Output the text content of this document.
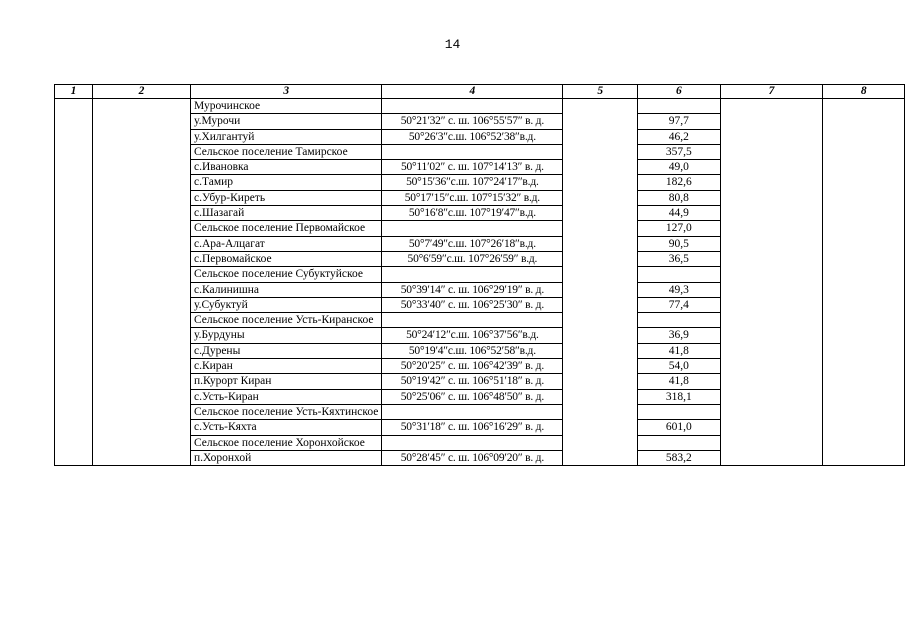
14
1	2	3	4	5	6	7	8
		Мурочинское					
		у.Мурочи	50°21′32″ с. ш. 106°55′57″ в. д.		97,7		
		у.Хилгантуй	50°26′3″с.ш. 106°52′38″в.д.		46,2		
		Сельское поселение Тамирское			357,5		
		с.Ивановка	50°11′02″ с. ш. 107°14′13″ в. д.		49,0		
		с.Тамир	50°15′36″с.ш. 107°24′17″в.д.		182,6		
		с.Убур-Киреть	50°17′15″с.ш. 107°15′32″ в.д.		80,8		
		с.Шазагай	50°16′8″с.ш. 107°19′47″в.д.		44,9		
		Сельское поселение Первомайское			127,0		
		с.Ара-Алцагат	50°7′49″с.ш. 107°26′18″в.д.		90,5		
		с.Первомайское	50°6′59″с.ш. 107°26′59″ в.д.		36,5		
		Сельское поселение Субуктуйское					
		с.Калинишна	50°39′14″ с. ш. 106°29′19″ в. д.		49,3		
		у.Субуктуй	50°33′40″ с. ш. 106°25′30″ в. д.		77,4		
		Сельское поселение Усть-Киранское					
		у.Бурдуны	50°24′12″с.ш. 106°37′56″в.д.		36,9		
		с.Дурены	50°19′4″с.ш. 106°52′58″в.д.		41,8		
		с.Киран	50°20′25″ с. ш. 106°42′39″ в. д.		54,0		
		п.Курорт Киран	50°19′42″ с. ш. 106°51′18″ в. д.		41,8		
		с.Усть-Киран	50°25′06″ с. ш. 106°48′50″ в. д.		318,1		
		Сельское поселение Усть-Кяхтинское					
		с.Усть-Кяхта	50°31′18″ с. ш. 106°16′29″ в. д.		601,0		
		Сельское поселение Хоронхойское					
		п.Хоронхой	50°28′45″ с. ш. 106°09′20″ в. д.		583,2		
